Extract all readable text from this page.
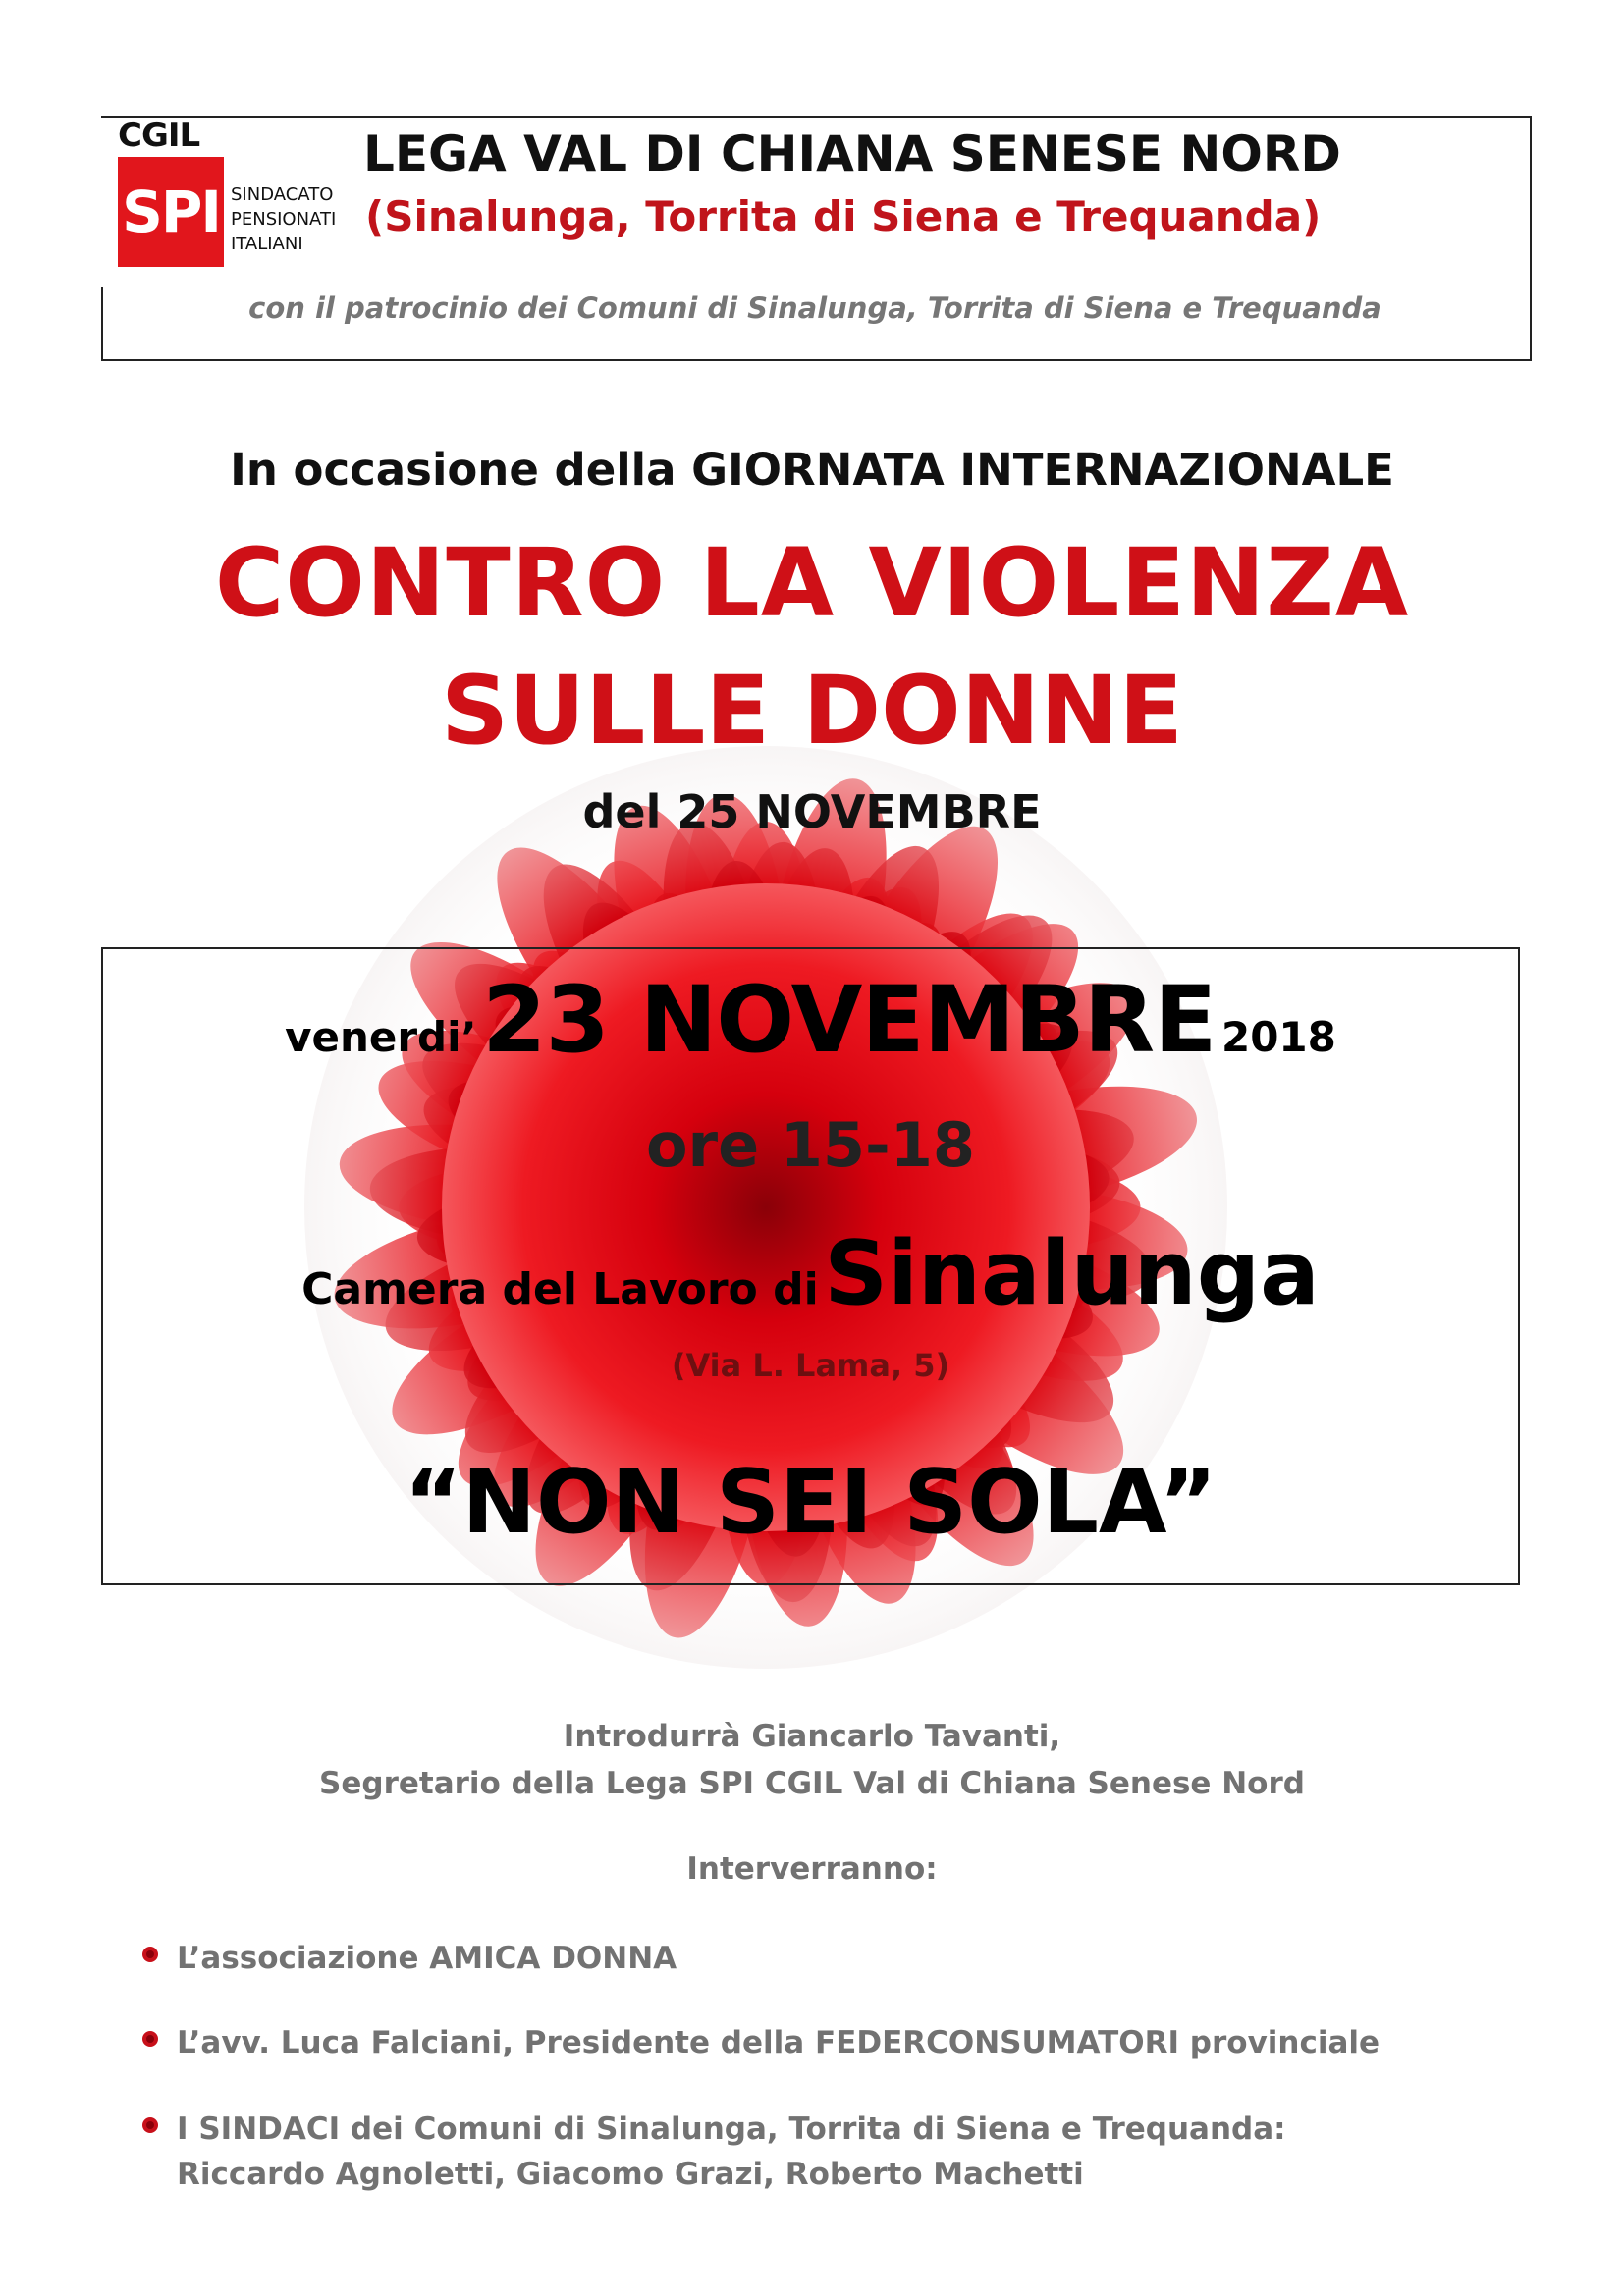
CGIL
SPI SINDACATO
PENSIONATI
ITALIANI
LEGA VAL DI CHIANA SENESE NORD
(Sinalunga, Torrita di Siena e Trequanda)
con il patrocinio dei Comuni di Sinalunga, Torrita di Siena e Trequanda
In occasione della GIORNATA INTERNAZIONALE
CONTRO LA VIOLENZA
SULLE DONNE
del 25 NOVEMBRE
venerdi’ 23 NOVEMBRE 2018
ore 15-18
Camera del Lavoro di Sinalunga
(Via L. Lama, 5)
“NON SEI SOLA”
Introdurrà Giancarlo Tavanti,
Segretario della Lega SPI CGIL Val di Chiana Senese Nord
Interverranno:
L’associazione AMICA DONNA
L’avv. Luca Falciani, Presidente della FEDERCONSUMATORI provinciale
I SINDACI dei Comuni di Sinalunga, Torrita di Siena e Trequanda:
Riccardo Agnoletti, Giacomo Grazi, Roberto Machetti
